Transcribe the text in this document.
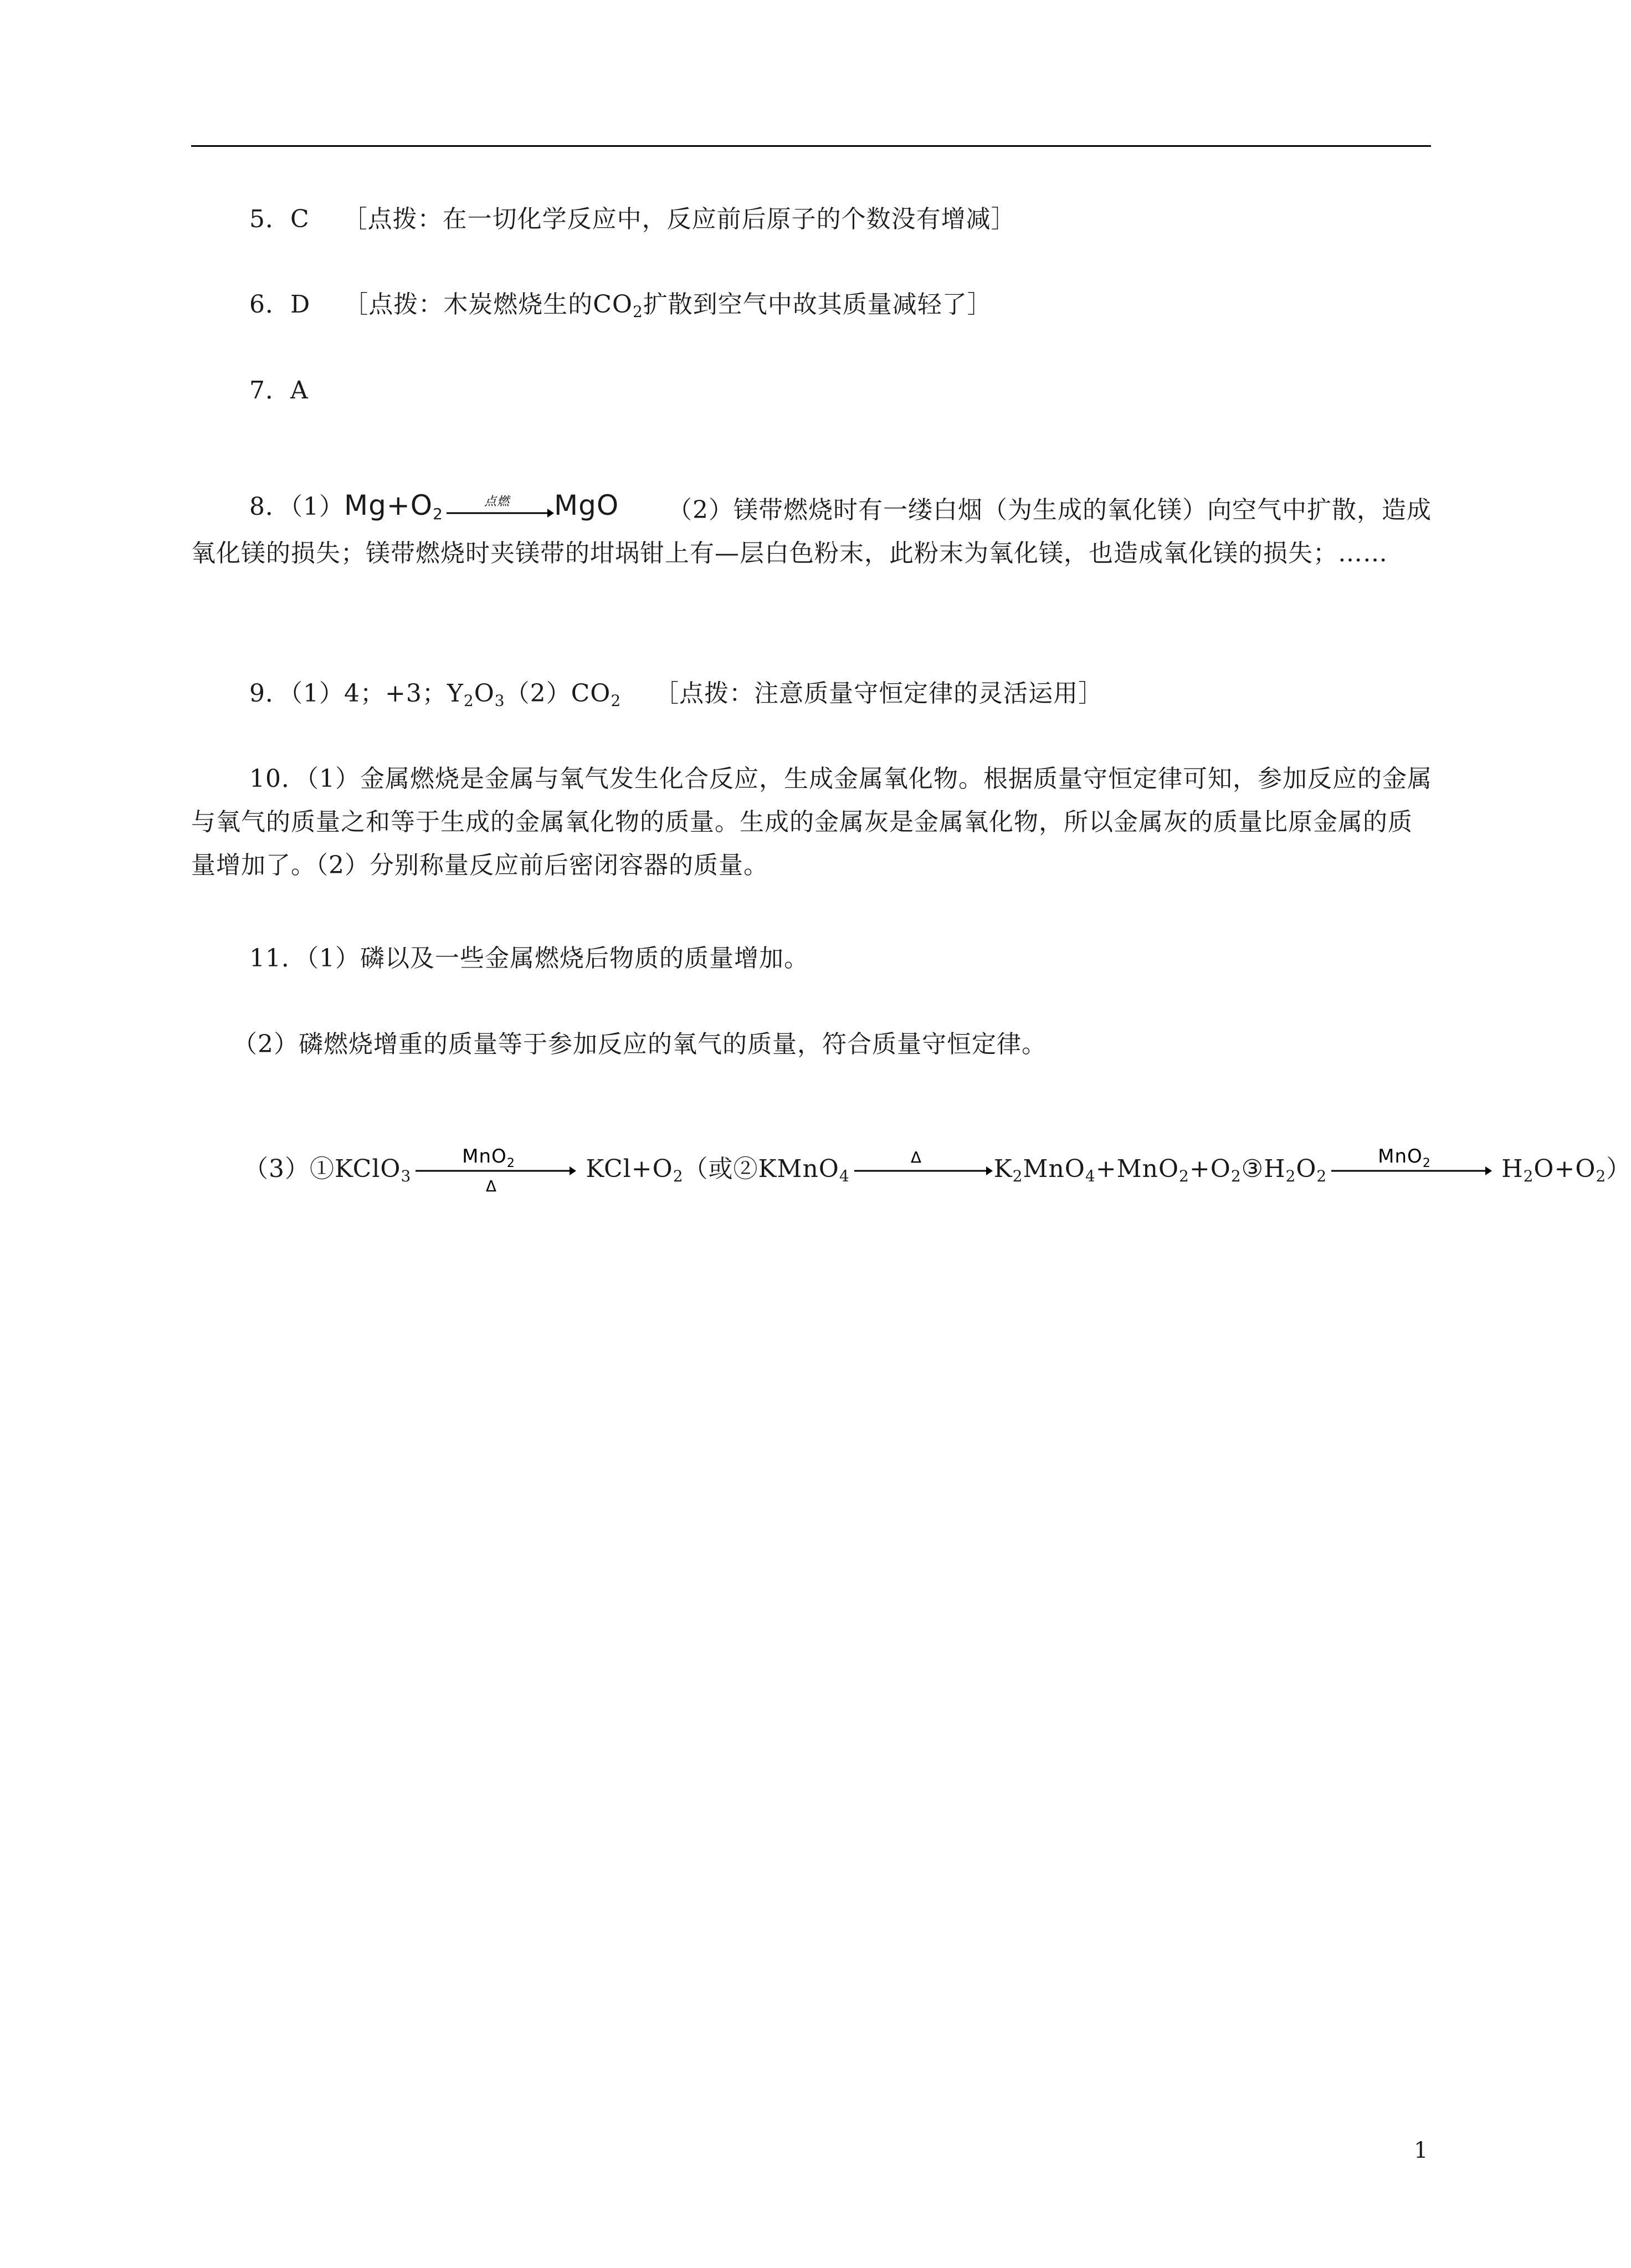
5．C ［点拨：在一切化学反应中，反应前后原子的个数没有增减］
6．D ［点拨：木炭燃烧生的$CO_2$扩散到空气中故其质量减轻了］
7．A
8．$(1)Mg+O_2$
点燃 MgO	（2）镁带燃烧时有一缕白烟（为生成的氧化镁）向空气中扩散，造成氧化镁的损失；镁带燃烧时夹镁带的坩埚钳上有—层白色粉末，此粉末为氧化镁，也造成氧化镁的损失；……
9．（1）4；+3；$Y_2O_3(2)CO_2$ ［点拨：注意质量守恒定律的灵活运用］
10．（1）金属燃烧是金属与氧气发生化合反应，生成金属氧化物。根据质量守恒定律可知，参加反应的金属与氧气的质量之和等于生成的金属氧化物的质量。生成的金属灰是金属氧化物，所以金属灰的质量比原金属的质量增加了。（2）分别称量反应前后密闭容器的质量。
11．（1）磷以及一些金属燃烧后物质的质量增加。
（2）磷燃烧增重的质量等于参加反应的氧气的质量，符合质量守恒定律。
（3）①KClO$_3$
MnO$_2$
Δ
$KCl+O_2$（或②KMnO$_4$
Δ	$K_2MnO_4+MnO_2+O_2③H_2O_2$
MnO$_2$	$H_2O+O_2$）
1
